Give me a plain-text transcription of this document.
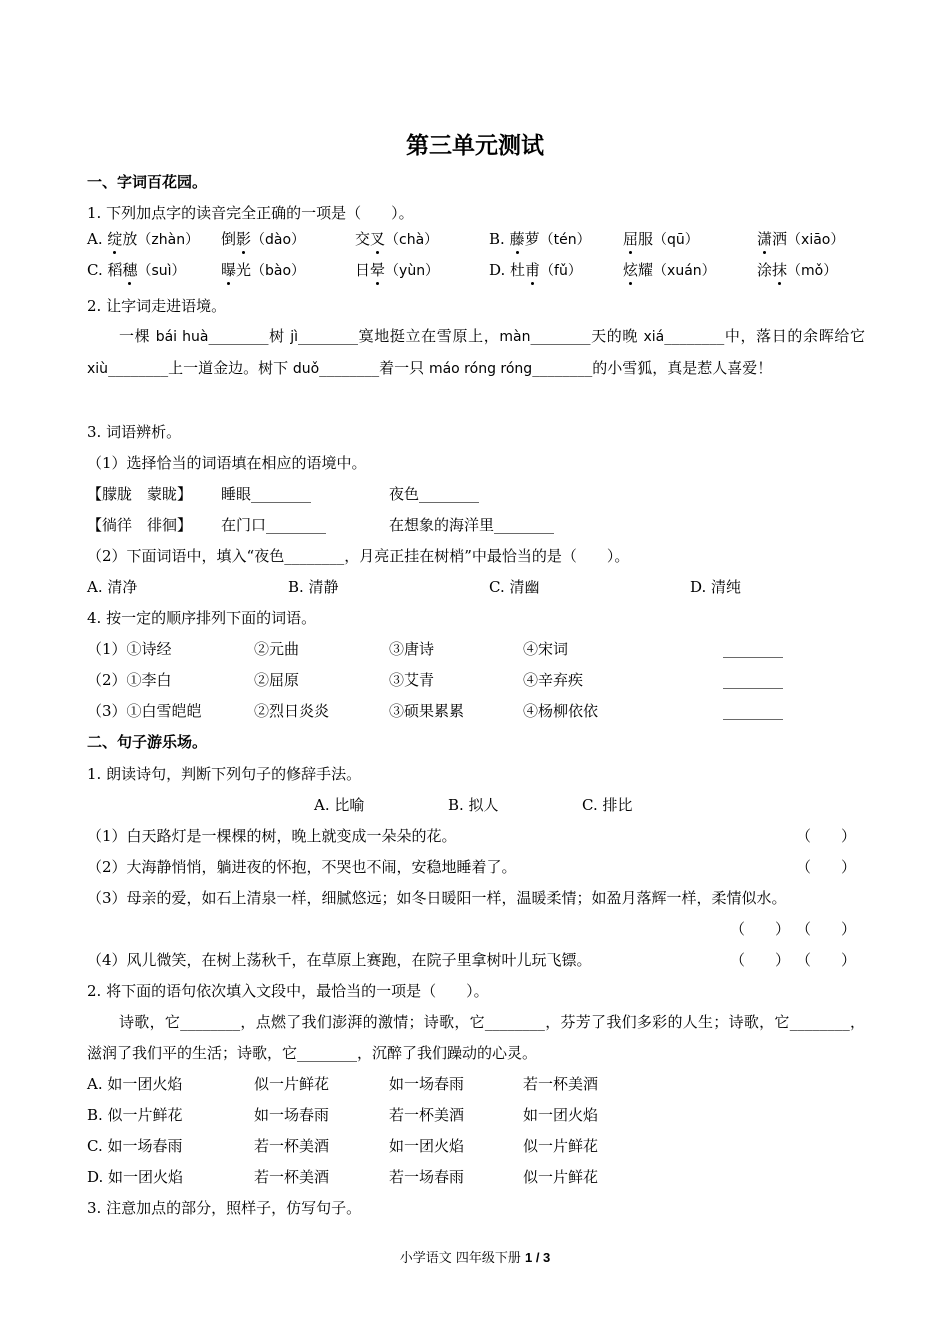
第三单元测试
一、字词百花园。
1. 下列加点字的读音完全正确的一项是（　　）。
A. 绽放（zhàn） 倒影（dào）	交叉（chà）	B. 藤萝（tén） 屈服（qū）	潇洒（xiāo）
C. 稻穗（suì） 曝光（bào）	日晕（yùn）	D. 杜甫（fǔ）	炫耀（xuán）	涂抹（mǒ）
2. 让字词走进语境。
一棵 bái huà________树 jì________寞地挺立在雪原上，màn________天的晚 xiá________中，落日的余晖给它 xiù________上一道金边。树下 duǒ________着一只 máo róng róng________的小雪狐，真是惹人喜爱！
3. 词语辨析。
（1）选择恰当的词语填在相应的语境中。
【朦胧　蒙眬】 睡眼________	夜色________
【徜徉　徘徊】 在门口________	在想象的海洋里________
（2）下面词语中，填入“夜色________，月亮正挂在树梢”中最恰当的是（　　）。
A. 清净	B. 清静	C. 清幽	D. 清纯
4. 按一定的顺序排列下面的词语。
（1）①诗经	②元曲	③唐诗	④宋词	________
（2）①李白	②屈原	③艾青	④辛弃疾	________
（3）①白雪皑皑	②烈日炎炎	③硕果累累	④杨柳依依	________
二、句子游乐场。
1. 朗读诗句，判断下列句子的修辞手法。
A. 比喻	B. 拟人	C. 排比
（1）白天路灯是一棵棵的树，晚上就变成一朵朵的花。	（　　）
（2）大海静悄悄，躺进夜的怀抱，不哭也不闹，安稳地睡着了。	（　　）
（3）母亲的爱，如石上清泉一样，细腻悠远；如冬日暖阳一样，温暖柔情；如盈月落辉一样，柔情似水。
（　　） （　　）
（4）风儿微笑，在树上荡秋千，在草原上赛跑，在院子里拿树叶儿玩飞镖。	（　　） （　　）
2. 将下面的语句依次填入文段中，最恰当的一项是（　　）。
诗歌，它________，点燃了我们澎湃的激情；诗歌，它________，芬芳了我们多彩的人生；诗歌，它________，滋润了我们平的生活；诗歌，它________，沉醉了我们躁动的心灵。
A. 如一团火焰	似一片鲜花	如一场春雨	若一杯美酒
B. 似一片鲜花	如一场春雨	若一杯美酒	如一团火焰
C. 如一场春雨	若一杯美酒	如一团火焰	似一片鲜花
D. 如一团火焰	若一杯美酒	若一场春雨	似一片鲜花
3. 注意加点的部分，照样子，仿写句子。
小学语文 四年级下册 1 / 3
